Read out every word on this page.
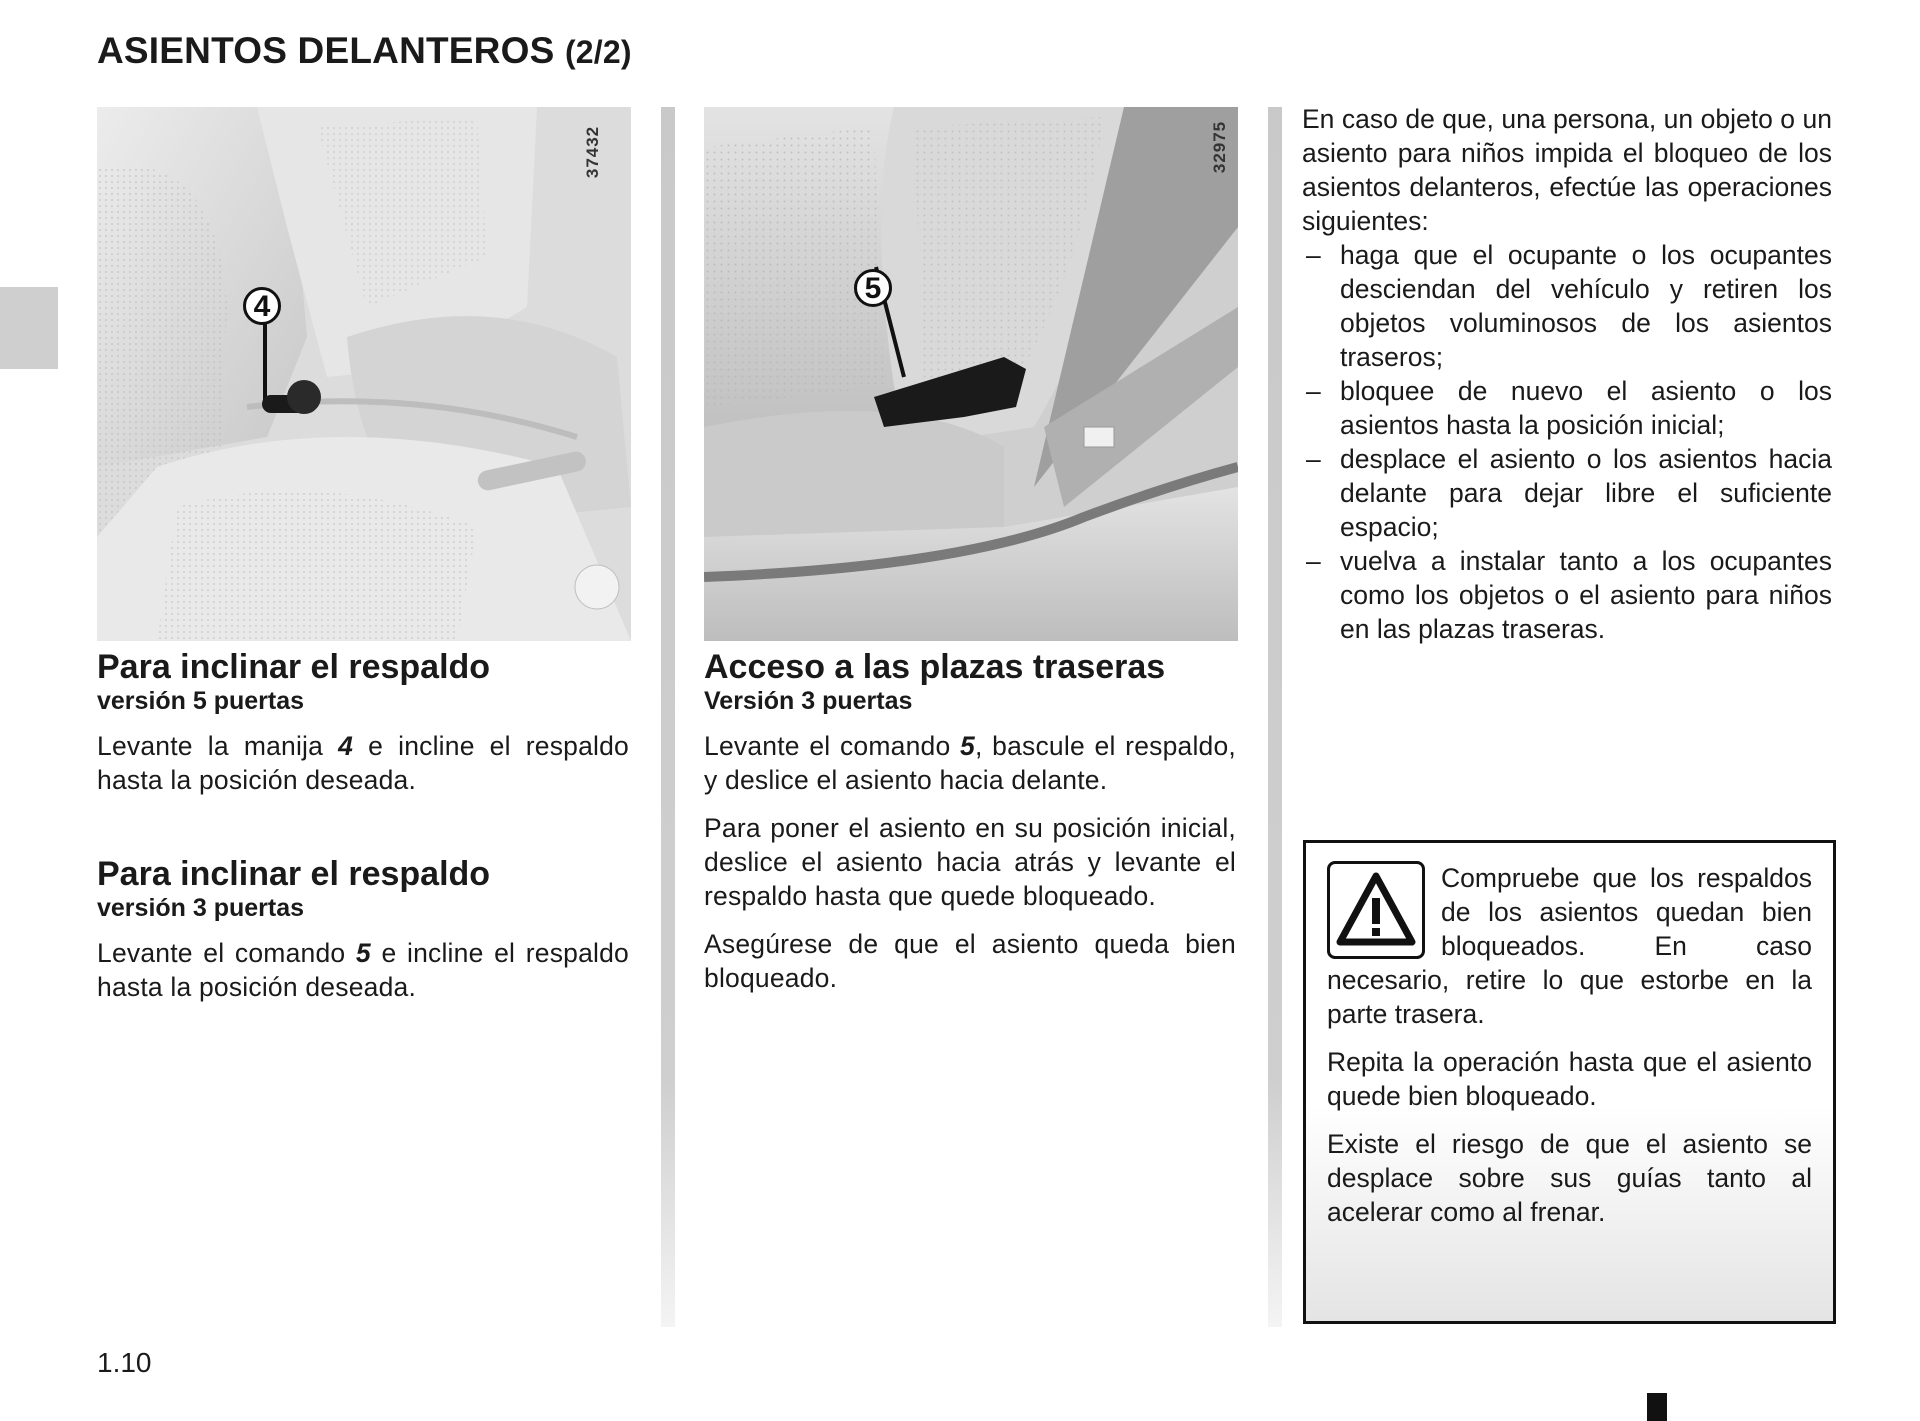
ASIENTOS DELANTEROS (2/2)
4
37432
5
32975
Para inclinar el respaldo
versión 5 puertas

Levante la manija 4 e incline el respaldo hasta la posición deseada.

Para inclinar el respaldo
versión 3 puertas

Levante el comando 5 e incline el respaldo hasta la posición deseada.

Acceso a las plazas traseras
Versión 3 puertas

Levante el comando 5, bascule el respaldo, y deslice el asiento hacia delante.

Para poner el asiento en su posición inicial, deslice el asiento hacia atrás y levante el respaldo hasta que quede bloqueado.

Asegúrese de que el asiento queda bien bloqueado.

En caso de que, una persona, un objeto o un asiento para niños impida el bloqueo de los asientos delanteros, efectúe las operaciones siguientes:

– haga que el ocupante o los ocupantes desciendan del vehículo y retiren los objetos voluminosos de los asientos traseros;
– bloquee de nuevo el asiento o los asientos hasta la posición inicial;
– desplace el asiento o los asientos hacia delante para dejar libre el suficiente espacio;
– vuelva a instalar tanto a los ocupantes como los objetos o el asiento para niños en las plazas traseras.

Compruebe que los respaldos de los asientos quedan bien bloqueados. En caso necesario, retire lo que estorbe en la parte trasera.

Repita la operación hasta que el asiento quede bien bloqueado.

Existe el riesgo de que el asiento se desplace sobre sus guías tanto al acelerar como al frenar.

1.10
